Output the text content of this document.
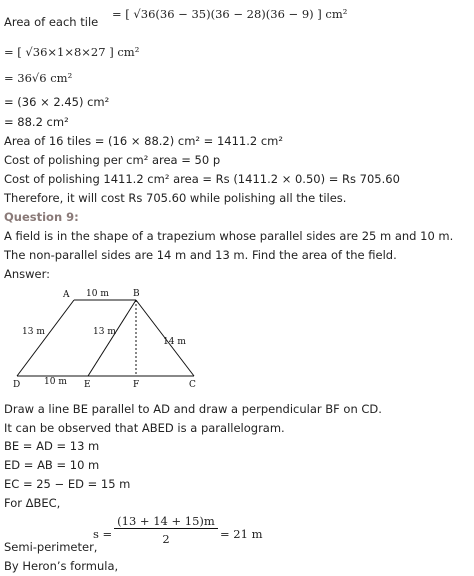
Area of each tile
= [ √36(36 − 35)(36 − 28)(36 − 9) ] cm²
= [ √36×1×8×27 ] cm²
= 36√6 cm²
= (36 × 2.45) cm²
= 88.2 cm²
Area of 16 tiles = (16 × 88.2) cm² = 1411.2 cm²
Cost of polishing per cm² area = 50 p
Cost of polishing 1411.2 cm² area = Rs (1411.2 × 0.50) = Rs 705.60
Therefore, it will cost Rs 705.60 while polishing all the tiles.
Question 9:
A field is in the shape of a trapezium whose parallel sides are 25 m and 10 m. The non-parallel sides are 14 m and 13 m. Find the area of the field.
Answer:
A	B
C
D	E	F
10 m
13 m	13 m
14 m
10 m
Draw a line BE parallel to AD and draw a perpendicular BF on CD.
It can be observed that ABED is a parallelogram.
BE = AD = 13 m
ED = AB = 10 m
EC = 25 − ED = 15 m
For ΔBEC,
s =
(13 + 14 + 15)m
2	= 21 m
Semi-perimeter,
By Heron’s formula,
